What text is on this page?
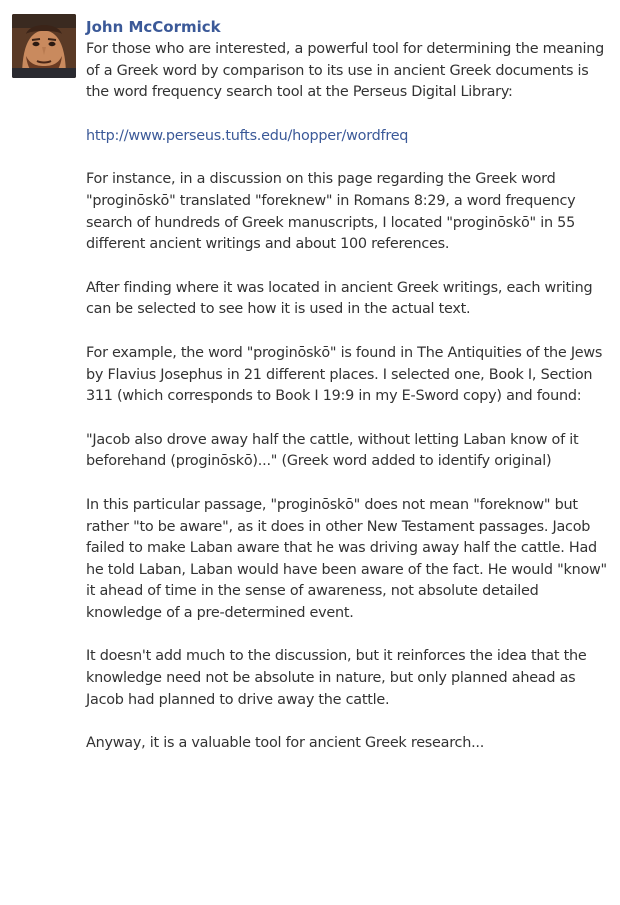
John McCormick

For those who are interested, a powerful tool for determining the meaning of a Greek word by comparison to its use in ancient Greek documents is the word frequency search tool at the Perseus Digital Library:

http://www.perseus.tufts.edu/hopper/wordfreq

For instance, in a discussion on this page regarding the Greek word "proginōskō" translated "foreknew" in Romans 8:29, a word frequency search of hundreds of Greek manuscripts, I located "proginōskō" in 55 different ancient writings and about 100 references.

After finding where it was located in ancient Greek writings, each writing can be selected to see how it is used in the actual text.

For example, the word "proginōskō" is found in The Antiquities of the Jews by Flavius Josephus in 21 different places. I selected one, Book I, Section 311 (which corresponds to Book I 19:9 in my E-Sword copy) and found:

"Jacob also drove away half the cattle, without letting Laban know of it beforehand (proginōskō)..." (Greek word added to identify original)

In this particular passage, "proginōskō" does not mean "foreknow" but rather "to be aware", as it does in other New Testament passages. Jacob failed to make Laban aware that he was driving away half the cattle. Had he told Laban, Laban would have been aware of the fact. He would "know" it ahead of time in the sense of awareness, not absolute detailed knowledge of a pre-determined event.

It doesn't add much to the discussion, but it reinforces the idea that the knowledge need not be absolute in nature, but only planned ahead as Jacob had planned to drive away the cattle.

Anyway, it is a valuable tool for ancient Greek research...
